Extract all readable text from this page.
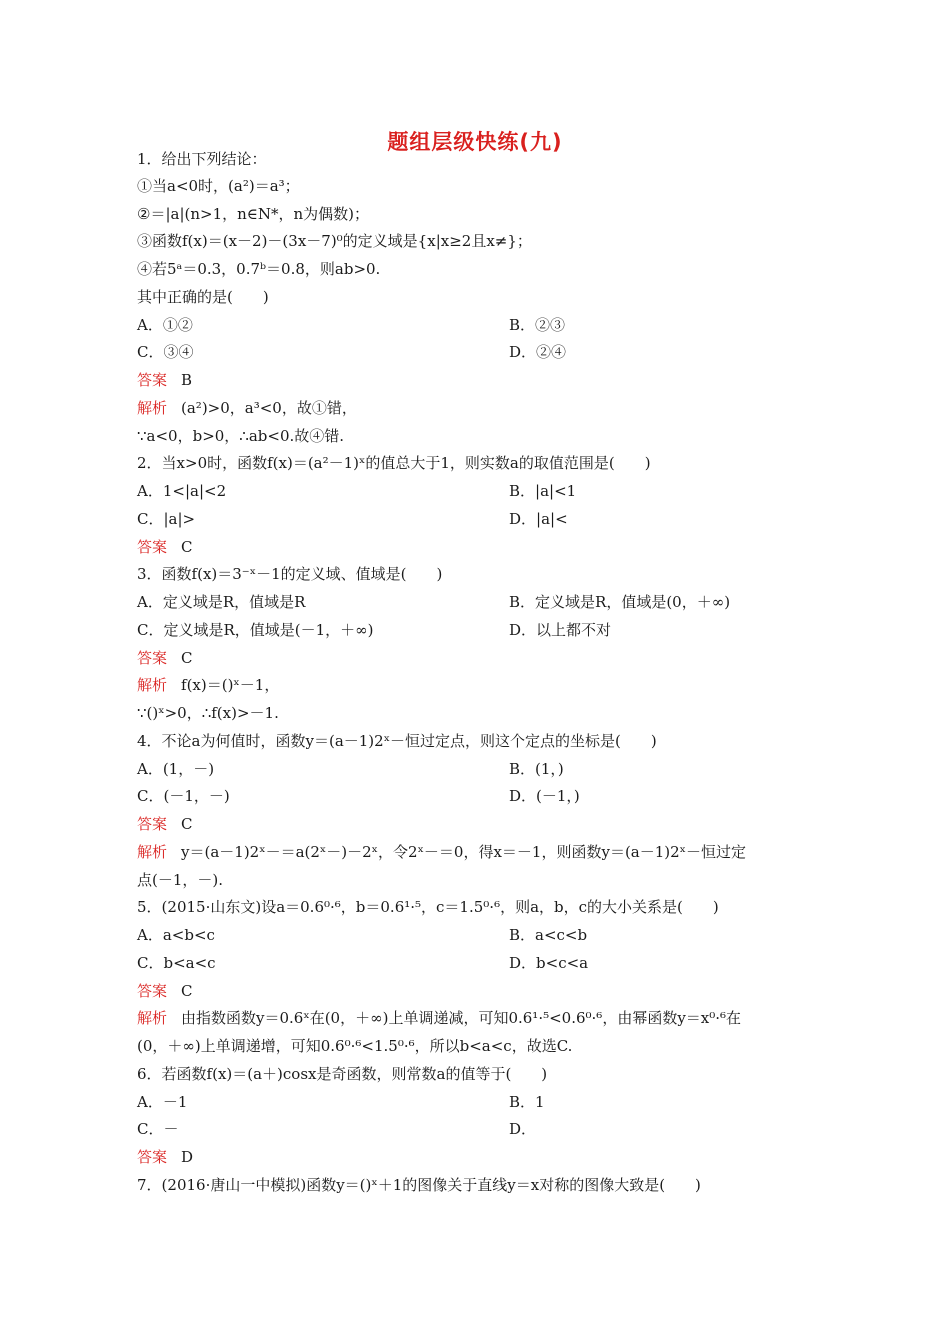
题组层级快练(九)
1．给出下列结论：
①当a<0时，(a²)＝a³；
②＝|a|(n>1，n∈N*，n为偶数)；
③函数f(x)＝(x－2)－(3x－7)⁰的定义域是{x|x≥2且x≠}；
④若5ᵃ＝0.3，0.7ᵇ＝0.8，则ab>0.
其中正确的是(　　)
A．①②	B．②③
C．③④	D．②④
答案 B
解析 (a²)>0，a³<0，故①错，
∵a<0，b>0，∴ab<0.故④错.
2．当x>0时，函数f(x)＝(a²－1)ˣ的值总大于1，则实数a的取值范围是(　　)
A．1<|a|<2	B．|a|<1
C．|a|>	D．|a|<
答案 C
3．函数f(x)＝3⁻ˣ－1的定义域、值域是(　　)
A．定义域是R，值域是R	B．定义域是R，值域是(0，＋∞)
C．定义域是R，值域是(－1，＋∞)	D．以上都不对
答案 C
解析 f(x)＝()ˣ－1，
∵()ˣ>0，∴f(x)>－1.
4．不论a为何值时，函数y＝(a－1)2ˣ－恒过定点，则这个定点的坐标是(　　)
A．(1，－)	B．(1，)
C．(－1，－)	D．(－1，)
答案 C
解析 y＝(a－1)2ˣ－＝a(2ˣ－)－2ˣ，令2ˣ－＝0，得x＝－1，则函数y＝(a－1)2ˣ－恒过定
点(－1，－).
5．(2015·山东文)设a＝0.6⁰·⁶，b＝0.6¹·⁵，c＝1.5⁰·⁶，则a，b，c的大小关系是(　　)
A．a<b<c	B．a<c<b
C．b<a<c	D．b<c<a
答案 C
解析 由指数函数y＝0.6ˣ在(0，＋∞)上单调递减，可知0.6¹·⁵<0.6⁰·⁶，由幂函数y＝x⁰·⁶在
(0，＋∞)上单调递增，可知0.6⁰·⁶<1.5⁰·⁶，所以b<a<c，故选C.
6．若函数f(x)＝(a＋)cosx是奇函数，则常数a的值等于(　　)
A．－1	B．1
C．－	D．
答案 D
7．(2016·唐山一中模拟)函数y＝()ˣ＋1的图像关于直线y＝x对称的图像大致是(　　)
